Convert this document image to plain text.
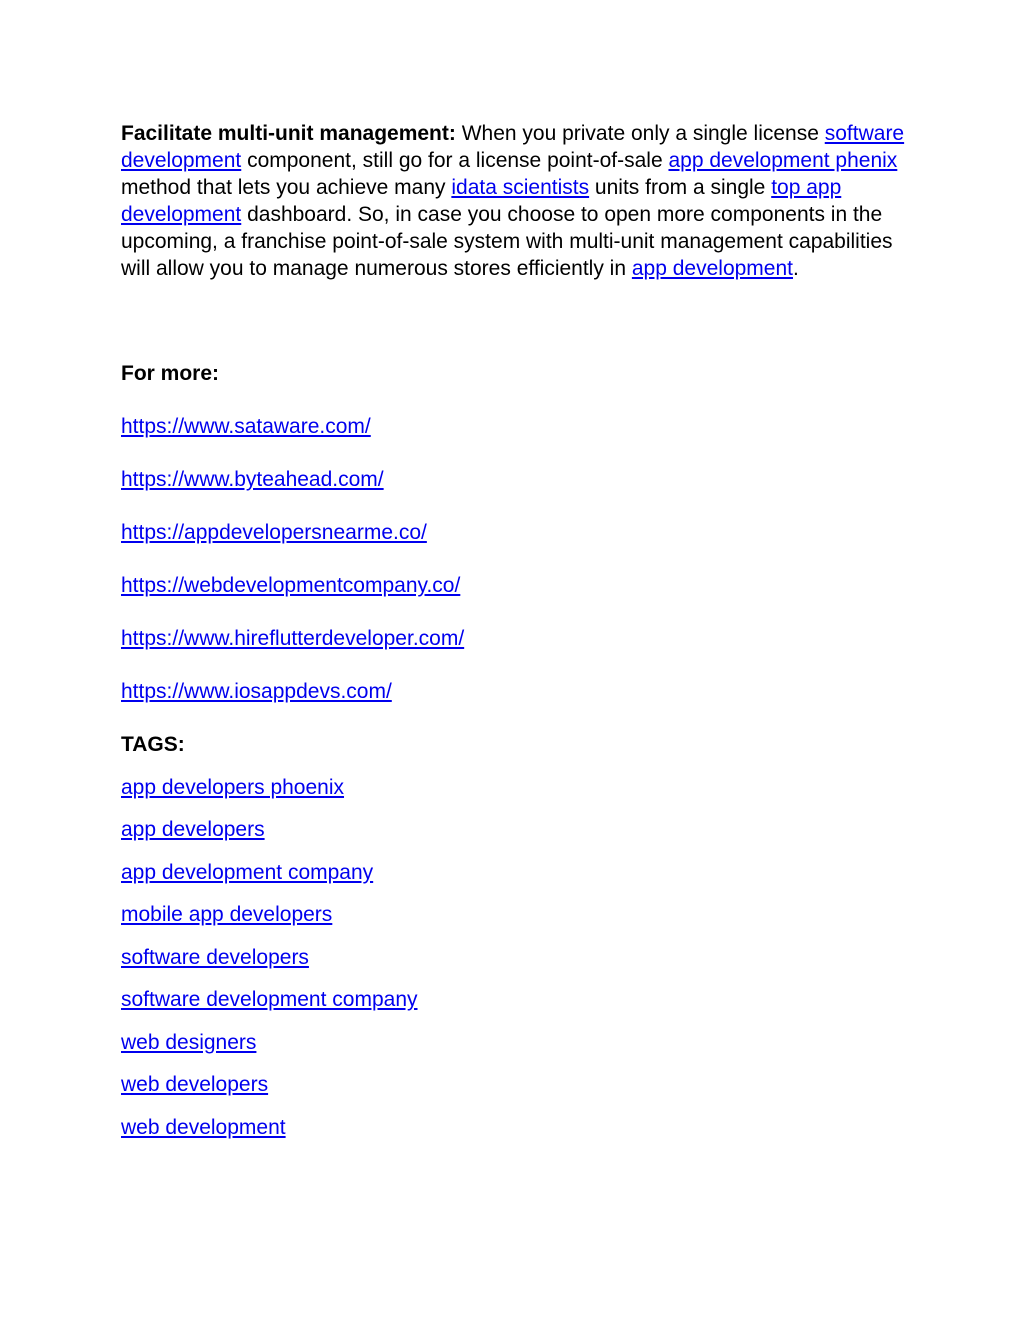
Facilitate multi-unit management: When you private only a single license software development component, still go for a license point-of-sale app development phenix method that lets you achieve many idata scientists units from a single top app development dashboard. So, in case you choose to open more components in the upcoming, a franchise point-of-sale system with multi-unit management capabilities will allow you to manage numerous stores efficiently in app development.

For more:

https://www.sataware.com/
https://www.byteahead.com/
https://appdevelopersnearme.co/
https://webdevelopmentcompany.co/
https://www.hireflutterdeveloper.com/
https://www.iosappdevs.com/

TAGS:

app developers phoenix
app developers
app development company
mobile app developers
software developers
software development company
web designers
web developers
web development
